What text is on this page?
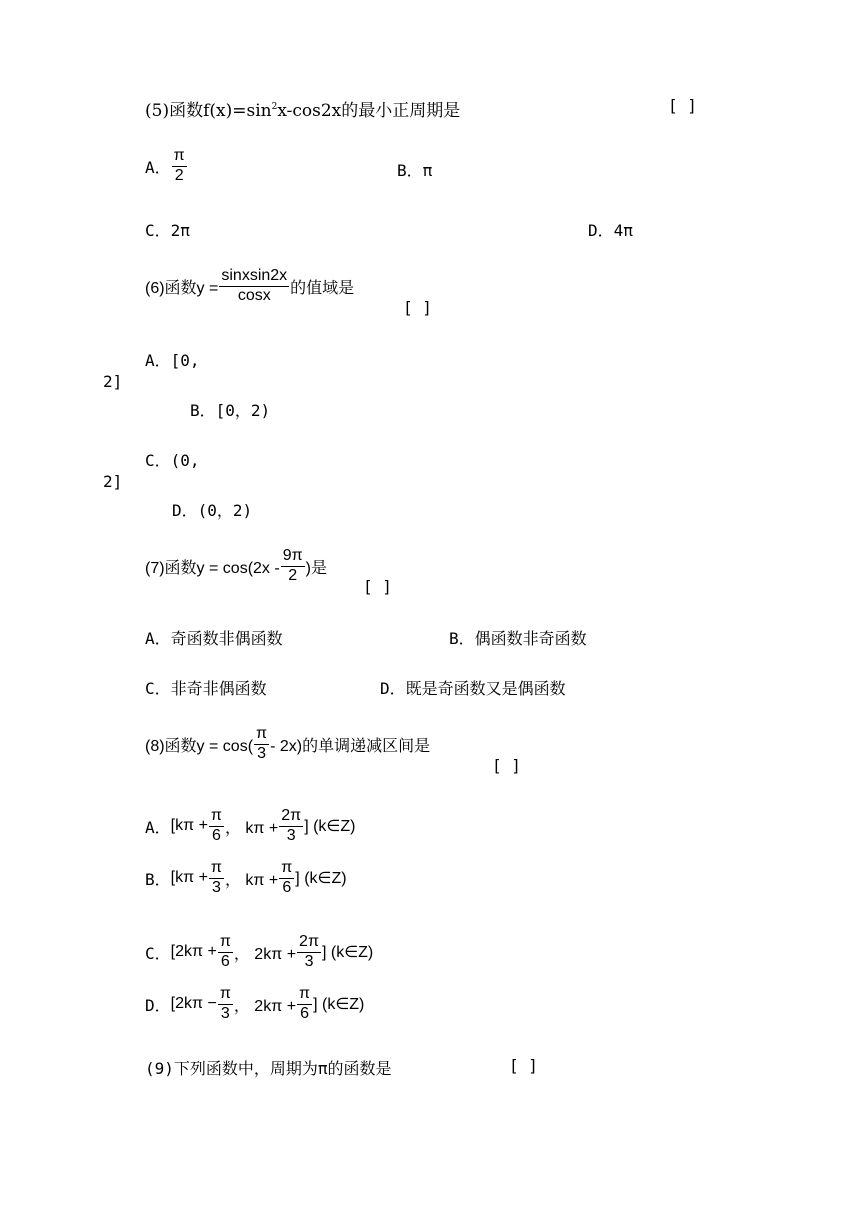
(5)函数$f(x)=\sin^2x-\cos 2x$的最小正周期是	[ ]
A． $\frac{\pi}{2}$	B．π
C．2π	D．4π
(6)函数$y = \frac{\text{sinxsin2x}}{\cos x}$ 的值域是
[ ]
A．[0,
2]
B．[0，2)
C．(0,
2]
D．(0，2)
(7)函数$y = \cos(2x - \frac{9\pi}{2}$ )是
[ ]
A．奇函数非偶函数	B．偶函数非奇函数
C．非奇非偶函数	D．既是奇函数又是偶函数
(8)函数$y = \cos( \frac{\pi}{3} - 2x)$的单调递减区间是
[ ]
A． [$k\pi + \frac{\pi}{6}$ ， $k\pi + \frac{2\pi}{3}$ ] (k∈Z)
B． [$k\pi + \frac{\pi}{3}$ ， $k\pi + \frac{\pi}{6}$ ] (k∈Z)
C． [$2k\pi + \frac{\pi}{6}$ ， $2k\pi + \frac{2\pi}{3}$ ] (k∈Z)
D． [$2k\pi - \frac{\pi}{3}$ ， $2k\pi + \frac{\pi}{6}$ ] (k∈Z)
(9)下列函数中，周期为π的函数是	[ ]
